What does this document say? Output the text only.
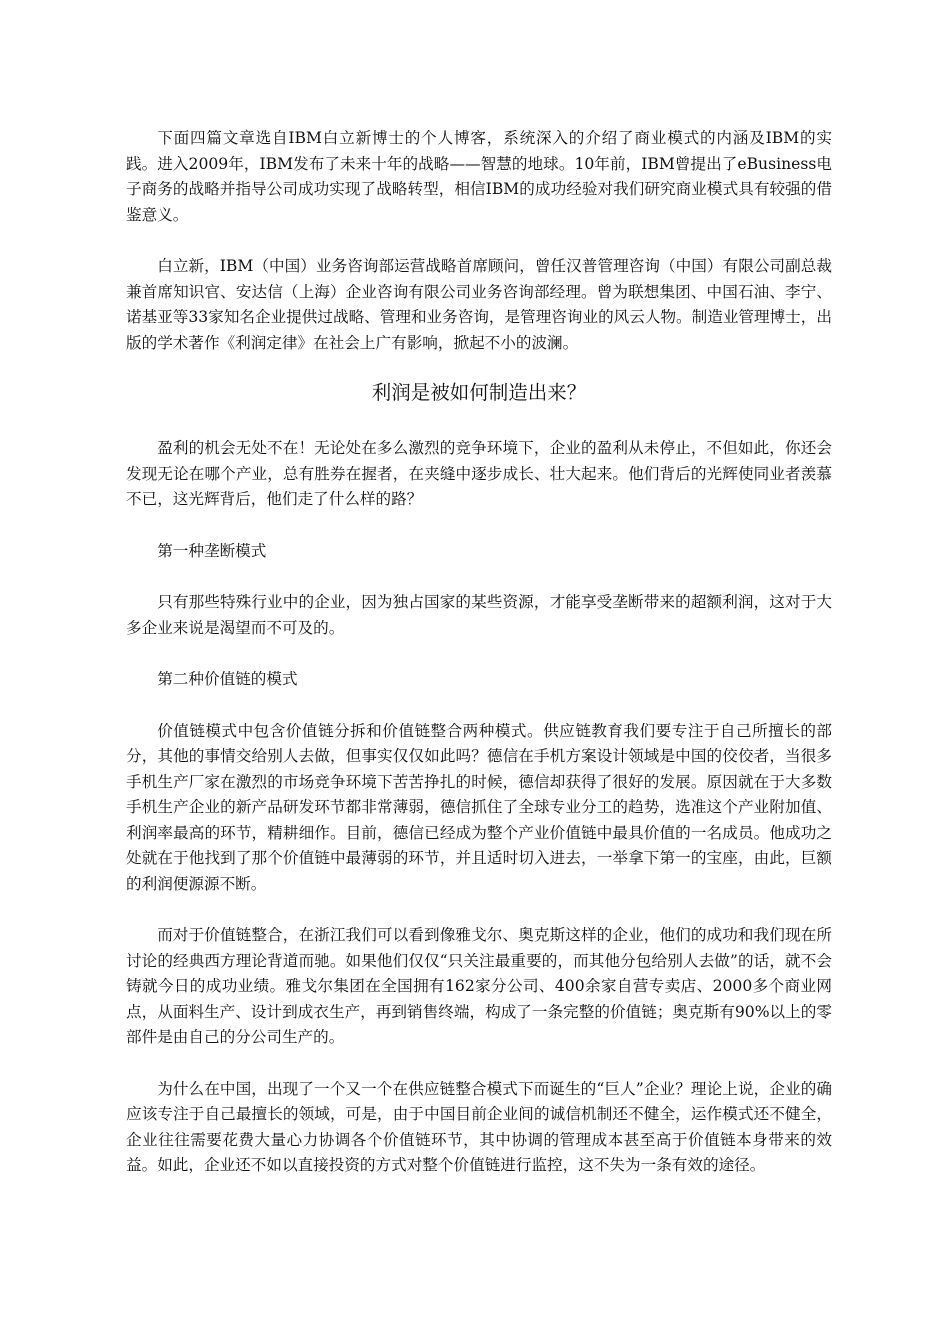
下面四篇文章选自IBM白立新博士的个人博客，系统深入的介绍了商业模式的内涵及IBM的实践。进入2009年，IBM发布了未来十年的战略——智慧的地球。10年前，IBM曾提出了eBusiness电子商务的战略并指导公司成功实现了战略转型，相信IBM的成功经验对我们研究商业模式具有较强的借鉴意义。

白立新，IBM（中国）业务咨询部运营战略首席顾问，曾任汉普管理咨询（中国）有限公司副总裁兼首席知识官、安达信（上海）企业咨询有限公司业务咨询部经理。曾为联想集团、中国石油、李宁、诺基亚等33家知名企业提供过战略、管理和业务咨询，是管理咨询业的风云人物。制造业管理博士，出版的学术著作《利润定律》在社会上广有影响，掀起不小的波澜。

利润是被如何制造出来？

盈利的机会无处不在！无论处在多么激烈的竞争环境下，企业的盈利从未停止，不但如此，你还会发现无论在哪个产业，总有胜券在握者，在夹缝中逐步成长、壮大起来。他们背后的光辉使同业者羡慕不已，这光辉背后，他们走了什么样的路？

第一种垄断模式

只有那些特殊行业中的企业，因为独占国家的某些资源，才能享受垄断带来的超额利润，这对于大多企业来说是渴望而不可及的。

第二种价值链的模式

价值链模式中包含价值链分拆和价值链整合两种模式。供应链教育我们要专注于自己所擅长的部分，其他的事情交给别人去做，但事实仅仅如此吗？德信在手机方案设计领域是中国的佼佼者，当很多手机生产厂家在激烈的市场竞争环境下苦苦挣扎的时候，德信却获得了很好的发展。原因就在于大多数手机生产企业的新产品研发环节都非常薄弱，德信抓住了全球专业分工的趋势，选准这个产业附加值、利润率最高的环节，精耕细作。目前，德信已经成为整个产业价值链中最具价值的一名成员。他成功之处就在于他找到了那个价值链中最薄弱的环节，并且适时切入进去，一举拿下第一的宝座，由此，巨额的利润便源源不断。

而对于价值链整合，在浙江我们可以看到像雅戈尔、奥克斯这样的企业，他们的成功和我们现在所讨论的经典西方理论背道而驰。如果他们仅仅“只关注最重要的，而其他分包给别人去做”的话，就不会铸就今日的成功业绩。雅戈尔集团在全国拥有162家分公司、400余家自营专卖店、2000多个商业网点，从面料生产、设计到成衣生产，再到销售终端，构成了一条完整的价值链；奥克斯有90%以上的零部件是由自己的分公司生产的。

为什么在中国，出现了一个又一个在供应链整合模式下而诞生的“巨人”企业？理论上说，企业的确应该专注于自己最擅长的领域，可是，由于中国目前企业间的诚信机制还不健全，运作模式还不健全，企业往往需要花费大量心力协调各个价值链环节，其中协调的管理成本甚至高于价值链本身带来的效益。如此，企业还不如以直接投资的方式对整个价值链进行监控，这不失为一条有效的途径。
